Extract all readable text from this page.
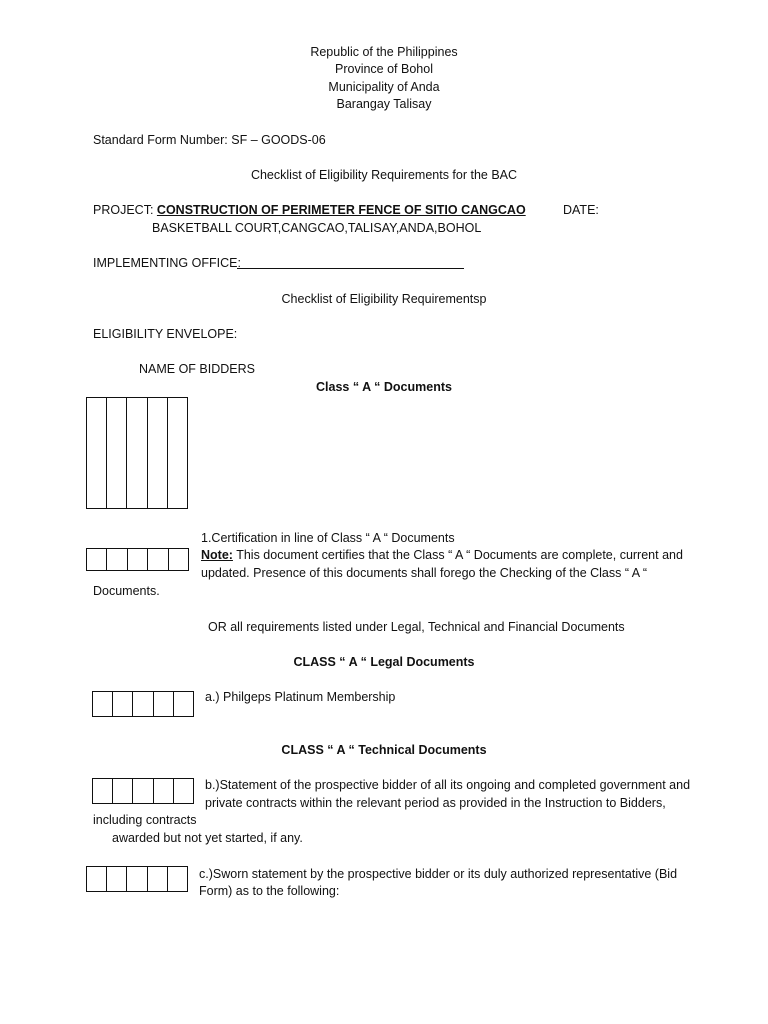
Republic of the Philippines
Province of Bohol
Municipality of Anda
Barangay Talisay
Standard Form Number: SF – GOODS-06
Checklist of Eligibility Requirements for the BAC
PROJECT: CONSTRUCTION OF PERIMETER FENCE OF SITIO CANGCAO	DATE:
BASKETBALL COURT,CANGCAO,TALISAY,ANDA,BOHOL
IMPLEMENTING OFFICE:
Checklist of Eligibility Requirementsp
ELIGIBILITY ENVELOPE:
NAME OF BIDDERS
Class “ A “ Documents
1.Certification in line of Class “ A “ Documents
Note: This document certifies that the Class “ A “ Documents are complete, current and
updated. Presence of this documents shall forego the Checking of the Class “ A “
Documents.
OR all requirements listed under Legal, Technical and Financial Documents
CLASS “ A “ Legal Documents
a.) Philgeps Platinum Membership
CLASS “ A “ Technical Documents
b.)Statement of the prospective bidder of all its ongoing and completed government and
private contracts within the relevant period as provided in the Instruction to Bidders,
including contracts
awarded but not yet started, if any.
c.)Sworn statement by the prospective bidder or its duly authorized representative (Bid
Form) as to the following:
